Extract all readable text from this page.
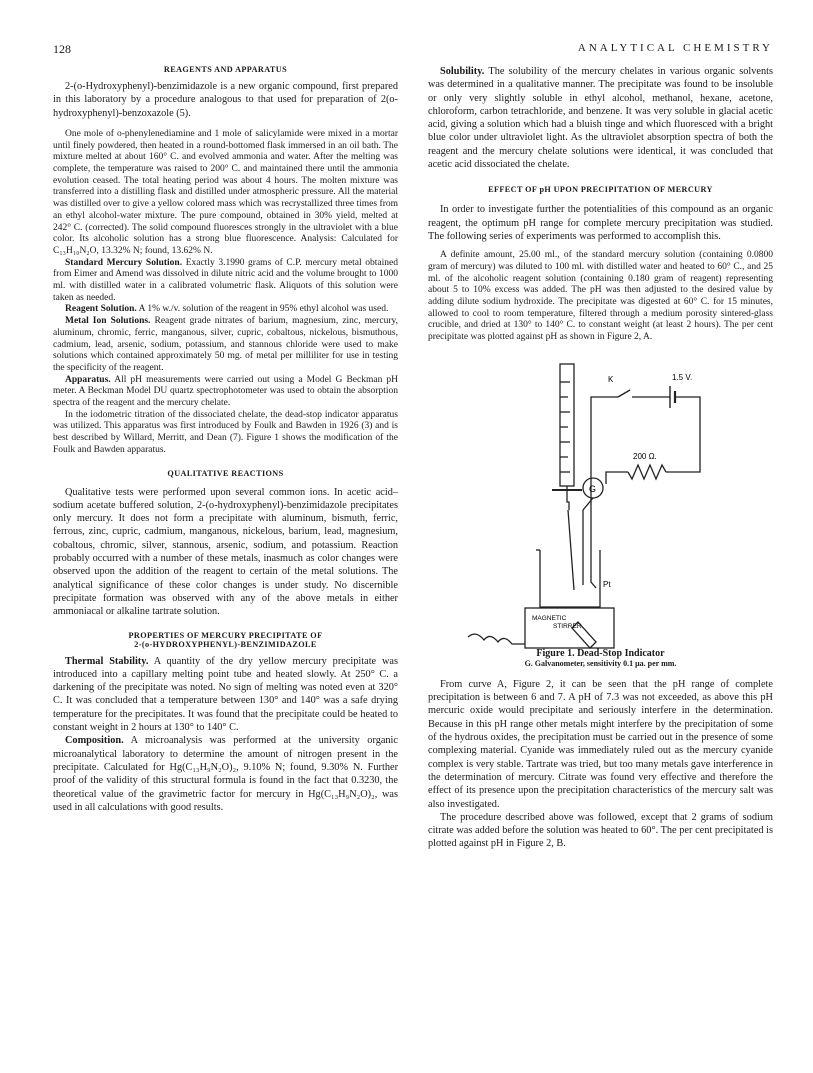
128	ANALYTICAL CHEMISTRY

REAGENTS AND APPARATUS

2-(o-Hydroxyphenyl)-benzimidazole is a new organic compound, first prepared in this laboratory by a procedure analogous to that used for preparation of 2(o-hydroxyphenyl)-benzoxazole (5).

One mole of o-phenylenediamine and 1 mole of salicylamide were mixed in a mortar until finely powdered, then heated in a round-bottomed flask immersed in an oil bath. The mixture melted at about 160° C. and evolved ammonia and water. After the melting was complete, the temperature was raised to 200° C. and maintained there until the ammonia evolution ceased. The total heating period was about 4 hours. The molten mixture was transferred into a distilling flask and distilled under atmospheric pressure. All the material was distilled over to give a yellow colored mass which was recrystallized three times from an ethyl alcohol-water mixture. The pure compound, obtained in 30% yield, melted at 242° C. (corrected). The solid compound fluoresces strongly in the ultraviolet with a blue color. Its alcoholic solution has a strong blue fluorescence. Analysis: Calculated for C₁₃H₁₀N₂O, 13.32% N; found, 13.62% N.

Standard Mercury Solution. Exactly 3.1990 grams of C.P. mercury metal obtained from Eimer and Amend was dissolved in dilute nitric acid and the volume brought to 1000 ml. with distilled water in a calibrated volumetric flask. Aliquots of this solution were taken as needed.

Reagent Solution. A 1% w./v. solution of the reagent in 95% ethyl alcohol was used.

Metal Ion Solutions. Reagent grade nitrates of barium, magnesium, zinc, mercury, aluminum, chromic, ferric, manganous, silver, cupric, cobaltous, nickelous, bismuthous, cadmium, lead, arsenic, sodium, potassium, and stannous chloride were used to make solutions which contained approximately 50 mg. of metal per milliliter for use in testing the specificity of the reagent.

Apparatus. All pH measurements were carried out using a Model G Beckman pH meter. A Beckman Model DU quartz spectrophotometer was used to obtain the absorption spectra of the reagent and the mercury chelate.

In the iodometric titration of the dissociated chelate, the dead-stop indicator apparatus was utilized. This apparatus was first introduced by Foulk and Bawden in 1926 (3) and is best described by Willard, Merritt, and Dean (7). Figure 1 shows the modification of the Foulk and Bawden apparatus.

QUALITATIVE REACTIONS

Qualitative tests were performed upon several common ions. In acetic acid–sodium acetate buffered solution, 2-(o-hydroxyphenyl)-benzimidazole precipitates only mercury. It does not form a precipitate with aluminum, bismuth, ferric, ferrous, zinc, cupric, cadmium, manganous, nickelous, barium, lead, magnesium, cobaltous, chromic, silver, stannous, arsenic, sodium, and potassium. Reaction probably occurred with a number of these metals, inasmuch as color changes were observed upon the addition of the reagent to certain of the metal solutions. The analytical significance of these color changes is under study. No discernible precipitate formation was observed with any of the above metals in either ammoniacal or alkaline tartrate solution.

PROPERTIES OF MERCURY PRECIPITATE OF

2-(o-HYDROXYPHENYL)-BENZIMIDAZOLE

Thermal Stability. A quantity of the dry yellow mercury precipitate was introduced into a capillary melting point tube and heated slowly. At 250° C. a darkening of the precipitate was noted. No sign of melting was noted even at 320° C. It was concluded that a temperature between 130° and 140° was a safe drying temperature for the precipitates. It was found that the precipitate could be heated to constant weight in 2 hours at 130° to 140° C.

Composition. A microanalysis was performed at the university organic microanalytical laboratory to determine the amount of nitrogen present in the precipitate. Calculated for Hg(C₁₃H₉N₂O)₂, 9.10% N; found, 9.30% N. Further proof of the validity of this structural formula is found in the fact that 0.3230, the theoretical value of the gravimetric factor for mercury in Hg(C₁₃H₉N₂O)₂, was used in all calculations with good results.

Solubility. The solubility of the mercury chelates in various organic solvents was determined in a qualitative manner. The precipitate was found to be insoluble or only very slightly soluble in ethyl alcohol, methanol, hexane, acetone, chloroform, carbon tetrachloride, and benzene. It was very soluble in glacial acetic acid, giving a solution which had a bluish tinge and which fluoresced with a bright blue color under ultraviolet light. As the ultraviolet absorption spectra of both the reagent and the mercury chelate solutions were identical, it was concluded that acetic acid dissociated the chelate.

EFFECT OF pH UPON PRECIPITATION OF MERCURY

In order to investigate further the potentialities of this compound as an organic reagent, the optimum pH range for complete mercury precipitation was studied. The following series of experiments was performed to accomplish this.

A definite amount, 25.00 ml., of the standard mercury solution (containing 0.0800 gram of mercury) was diluted to 100 ml. with distilled water and heated to 60° C., and 25 ml. of the alcoholic reagent solution (containing 0.180 gram of reagent) representing about 5 to 10% excess was added. The pH was then adjusted to the desired value by adding dilute sodium hydroxide. The precipitate was digested at 60° C. for 15 minutes, allowed to cool to room temperature, filtered through a medium porosity sintered-glass crucible, and dried at 130° to 140° C. to constant weight (at least 2 hours). The per cent precipitate was plotted against pH as shown in Figure 2, A.

K	1.5 V.
G
200 Ω.
Pt
MAGNETIC
STIRRER

Figure 1. Dead-Stop Indicator

G. Galvanometer, sensitivity 0.1 μa. per mm.

From curve A, Figure 2, it can be seen that the pH range of complete precipitation is between 6 and 7. A pH of 7.3 was not exceeded, as above this pH mercuric oxide would precipitate and seriously interfere in the determination. Because in this pH range other metals might interfere by the precipitation of some of the hydrous oxides, the precipitation must be carried out in the presence of some complexing material. Cyanide was immediately ruled out as the mercury cyanide complex is very stable. Tartrate was tried, but too many metals gave interference in the determination of mercury. Citrate was found very effective and therefore the effect of its presence upon the precipitation characteristics of the mercury salt was also investigated.

The procedure described above was followed, except that 2 grams of sodium citrate was added before the solution was heated to 60°. The per cent precipitated is plotted against pH in Figure 2, B.
